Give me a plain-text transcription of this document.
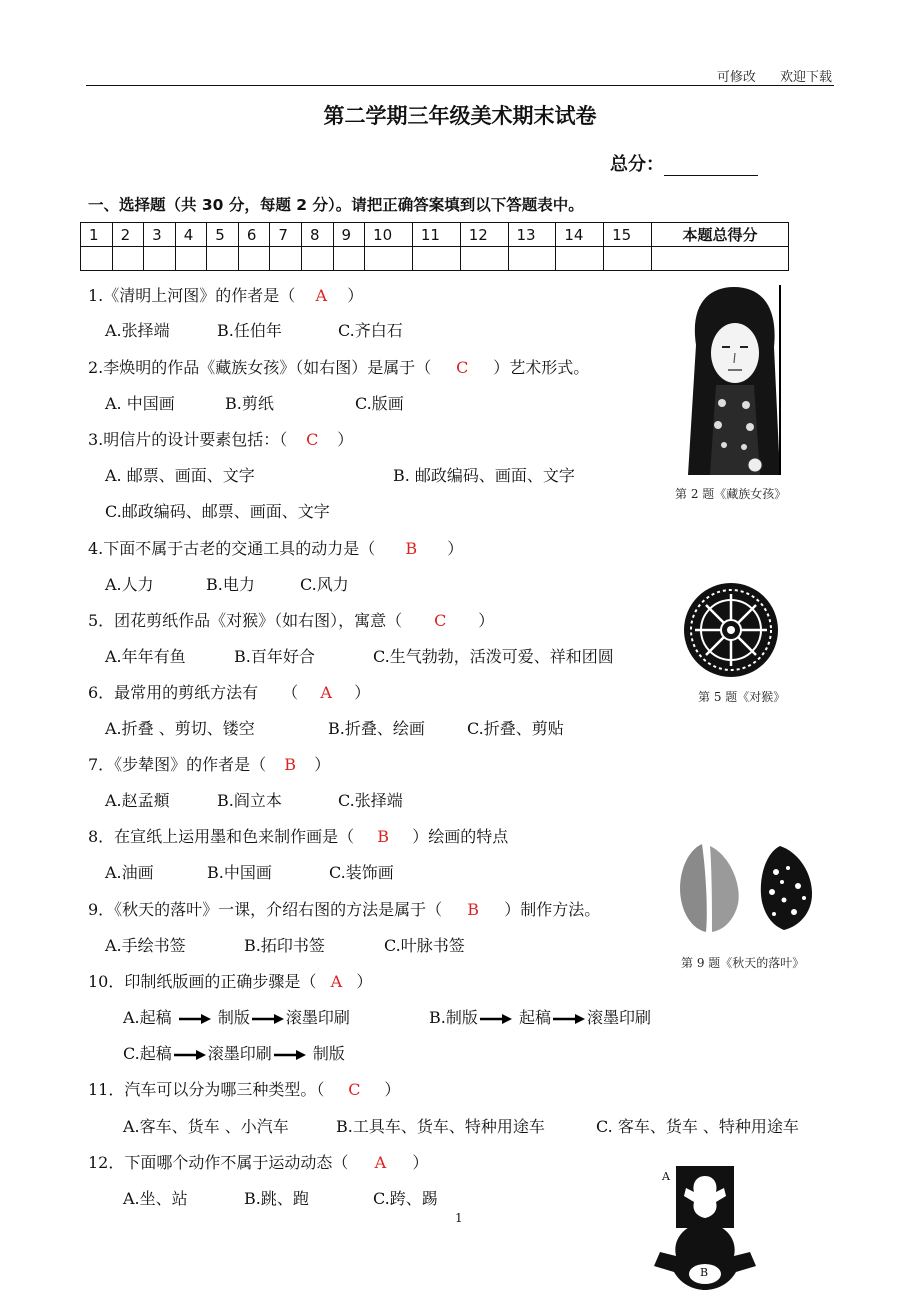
可修改 欢迎下载
第二学期三年级美术期末试卷
总分：
一、选择题（共 30 分，每题 2 分）。请把正确答案填到以下答题表中。
1	2	3	4	5	6	7	8	9	10	11	12	13	14	15	本题总得分

1.《清明上河图》的作者是（ A ）
A.张择端	B.任伯年	C.齐白石
2.李焕明的作品《藏族女孩》（如右图）是属于（ C ）艺术形式。
A. 中国画	B.剪纸	C.版画
3.明信片的设计要素包括：（ C ）
A. 邮票、画面、文字	B. 邮政编码、画面、文字
C.邮政编码、邮票、画面、文字
4.下面不属于古老的交通工具的动力是（ B ）
A.人力	B.电力	C.风力
5．团花剪纸作品《对猴》（如右图），寓意（ C ）
A.年年有鱼	B.百年好合	C.生气勃勃，活泼可爱、祥和团圆
6．最常用的剪纸方法有 （ A ）
A.折叠 、剪切、镂空	B.折叠、绘画	C.折叠、剪贴
7．《步辇图》的作者是（ B ）
A.赵孟頫	B.阎立本	C.张择端
8．在宣纸上运用墨和色来制作画是（ B ）绘画的特点
A.油画	B.中国画	C.装饰画
9．《秋天的落叶》一课，介绍右图的方法是属于（ B ）制作方法。
A.手绘书签	B.拓印书签	C.叶脉书签
10．印制纸版画的正确步骤是（ A ）
A.起稿	制版 滚墨印刷	B.制版	起稿 滚墨印刷
C.起稿 滚墨印刷	制版
11．汽车可以分为哪三种类型。（ C ）
A.客车、货车 、小汽车	B.工具车、货车、特种用途车	C. 客车、货车 、特种用途车
12．下面哪个动作不属于运动动态（ A ）
A.坐、站	B.跳、跑	C.跨、踢
1
第 2 题《藏族女孩》
第 5 题《对猴》
第 9 题《秋天的落叶》
A
B
